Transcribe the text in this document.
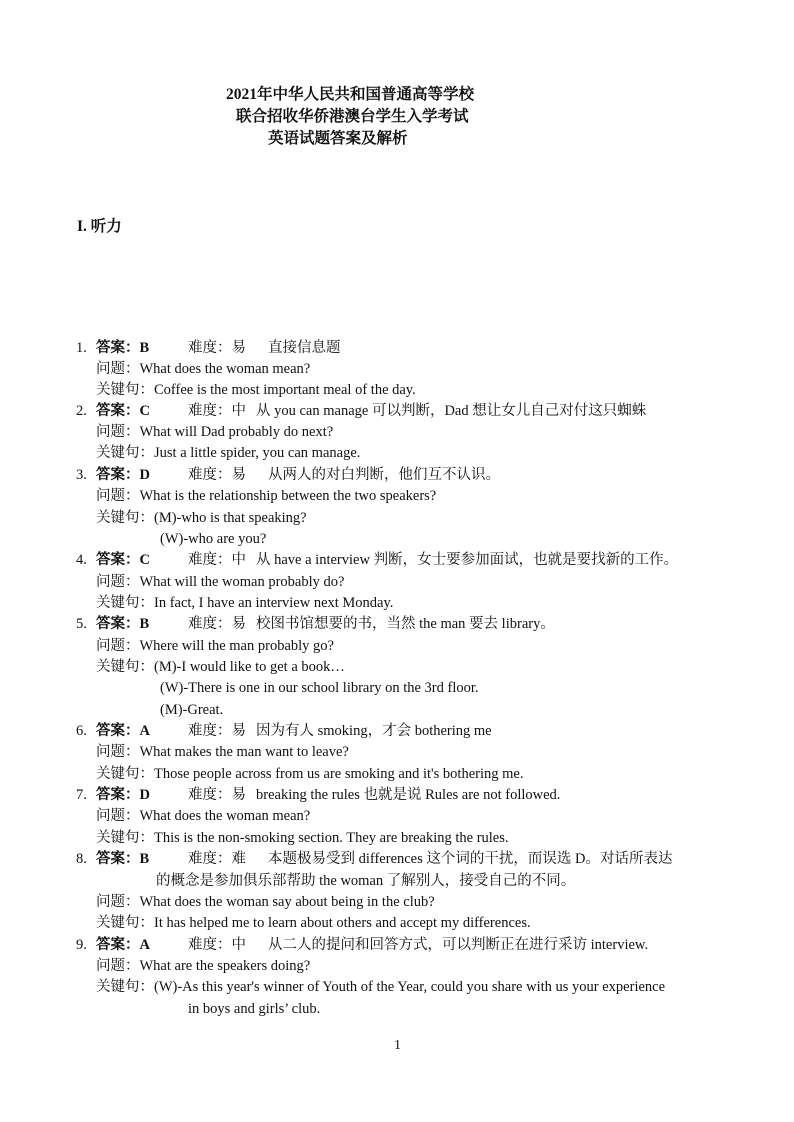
2021年中华人民共和国普通高等学校
联合招收华侨港澳台学生入学考试
英语试题答案及解析
I. 听力
1. 答案：B	难度：易 直接信息题
问题：What does the woman mean?
关键句：Coffee is the most important meal of the day.
2. 答案：C	难度：中 从 you can manage 可以判断，Dad 想让女儿自己对付这只蜘蛛
问题：What will Dad probably do next?
关键句：Just a little spider, you can manage.
3. 答案：D	难度：易 从两人的对白判断，他们互不认识。
问题：What is the relationship between the two speakers?
关键句：(M)-who is that speaking?
(W)-who are you?
4. 答案：C	难度：中 从 have a interview 判断，女士要参加面试，也就是要找新的工作。
问题：What will the woman probably do?
关键句：In fact, I have an interview next Monday.
5. 答案：B	难度：易 校图书馆想要的书，当然 the man 要去 library。
问题：Where will the man probably go?
关键句：(M)-I would like to get a book…
(W)-There is one in our school library on the 3rd floor.
(M)-Great.
6. 答案：A	难度：易 因为有人 smoking，才会 bothering me
问题：What makes the man want to leave?
关键句：Those people across from us are smoking and it's bothering me.
7. 答案：D	难度：易 breaking the rules 也就是说 Rules are not followed.
问题：What does the woman mean?
关键句：This is the non-smoking section. They are breaking the rules.
8. 答案：B	难度：难 本题极易受到 differences 这个词的干扰，而误选 D。对话所表达
的概念是参加俱乐部帮助 the woman 了解别人，接受自己的不同。
问题：What does the woman say about being in the club?
关键句：It has helped me to learn about others and accept my differences.
9. 答案：A	难度：中 从二人的提问和回答方式，可以判断正在进行采访 interview.
问题：What are the speakers doing?
关键句：(W)-As this year's winner of Youth of the Year, could you share with us your experience
in boys and girls’ club.
1
